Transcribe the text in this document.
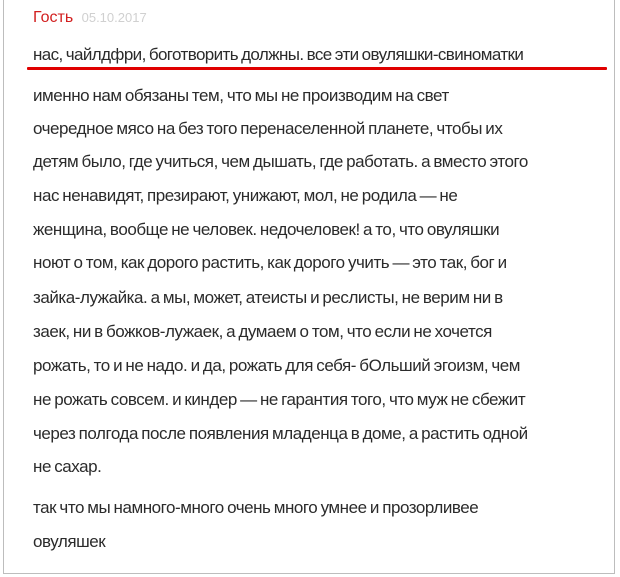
Гость 05.10.2017
нас, чайлдфри, боготворить должны. все эти овуляшки-свиноматки
именно нам обязаны тем, что мы не производим на свет
очередное мясо на без того перенаселенной планете, чтобы их
детям было, где учиться, чем дышать, где работать. а вместо этого
нас ненавидят, презирают, унижают, мол, не родила — не
женщина, вообще не человек. недочеловек! а то, что овуляшки
ноют о том, как дорого растить, как дорого учить — это так, бог и
зайка-лужайка. а мы, может, атеисты и реслисты, не верим ни в
заек, ни в божков-лужаек, а думаем о том, что если не хочется
рожать, то и не надо. и да, рожать для себя- бОльший эгоизм, чем
не рожать совсем. и киндер — не гарантия того, что муж не сбежит
через полгода после появления младенца в доме, а растить одной
не сахар.
так что мы намного-много очень много умнее и прозорливее
овуляшек
